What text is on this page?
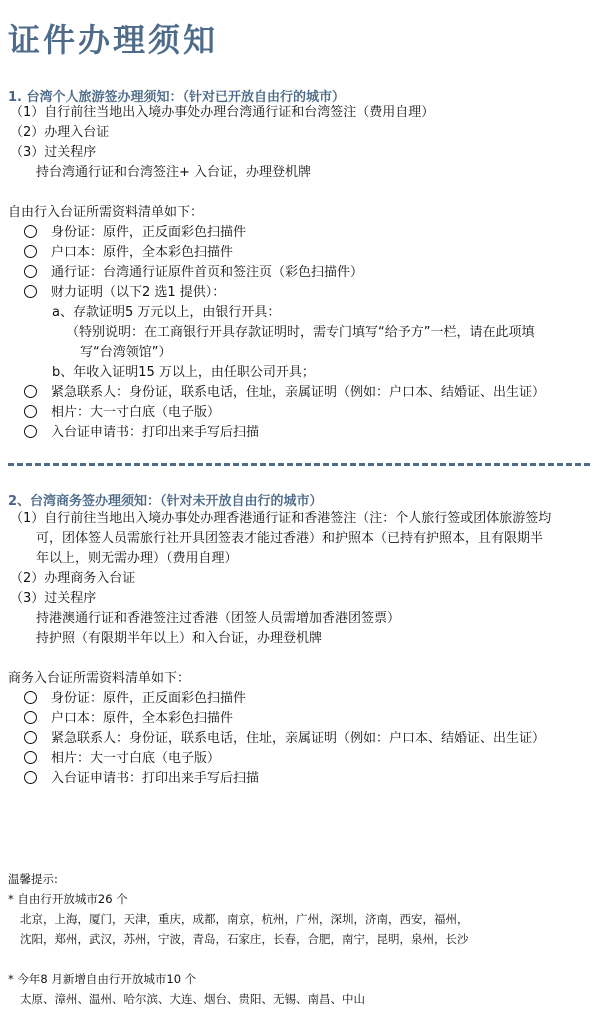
证件办理须知
1. 台湾个人旅游签办理须知：（针对已开放自由行的城市）
（1）自行前往当地出入境办事处办理台湾通行证和台湾签注（费用自理）
（2）办理入台证
（3）过关程序
持台湾通行证和台湾签注+ 入台证，办理登机牌
自由行入台证所需资料清单如下：
身份证：原件，正反面彩色扫描件
户口本：原件，全本彩色扫描件
通行证：台湾通行证原件首页和签注页（彩色扫描件）
财力证明（以下2 选1 提供）：
a、存款证明5 万元以上，由银行开具：
（特别说明：在工商银行开具存款证明时，需专门填写“给予方”一栏，请在此项填
写“台湾领馆”）
b、年收入证明15 万以上，由任职公司开具；
紧急联系人：身份证，联系电话，住址，亲属证明（例如：户口本、结婚证、出生证）
相片：大一寸白底（电子版）
入台证申请书：打印出来手写后扫描
2、台湾商务签办理须知：（针对未开放自由行的城市）
（1）自行前往当地出入境办事处办理香港通行证和香港签注（注：个人旅行签或团体旅游签均
可，团体签人员需旅行社开具团签表才能过香港）和护照本（已持有护照本，且有限期半
年以上，则无需办理）（费用自理）
（2）办理商务入台证
（3）过关程序
持港澳通行证和香港签注过香港（团签人员需增加香港团签票）
持护照（有限期半年以上）和入台证，办理登机牌
商务入台证所需资料清单如下：
身份证：原件，正反面彩色扫描件
户口本：原件，全本彩色扫描件
紧急联系人：身份证，联系电话，住址，亲属证明（例如：户口本、结婚证、出生证）
相片：大一寸白底（电子版）
入台证申请书：打印出来手写后扫描
温馨提示:
* 自由行开放城市26 个
北京，上海，厦门，天津，重庆，成都，南京，杭州，广州，深圳，济南，西安，福州，
沈阳，郑州，武汉，苏州，宁波，青岛，石家庄，长春，合肥，南宁，昆明，泉州，长沙
* 今年8 月新增自由行开放城市10 个
太原、漳州、温州、哈尔滨、大连、烟台、贵阳、无锡、南昌、中山
